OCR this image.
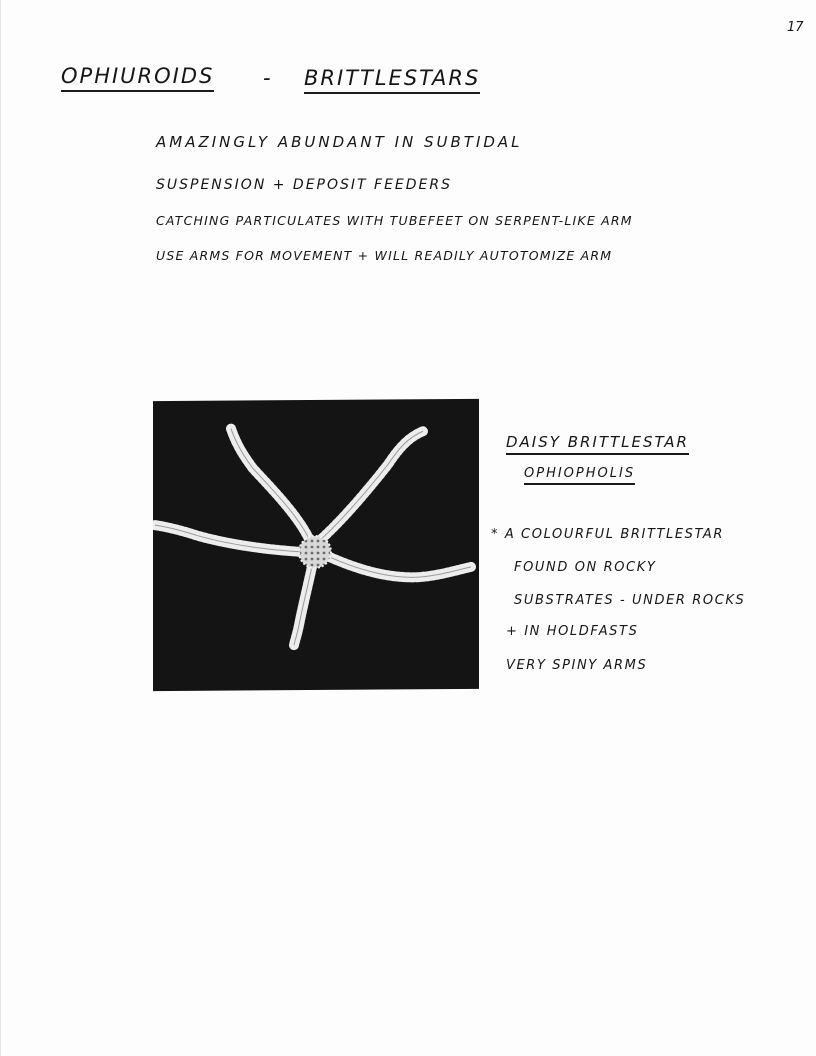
17
OPHIUROIDS - BRITTLESTARS
AMAZINGLY ABUNDANT IN SUBTIDAL
SUSPENSION + DEPOSIT FEEDERS
CATCHING PARTICULATES WITH TUBEFEET ON SERPENT-LIKE ARM
USE ARMS FOR MOVEMENT + WILL READILY AUTOTOMIZE ARM
DAISY BRITTLESTAR
OPHIOPHOLIS
* A COLOURFUL BRITTLESTAR
FOUND ON ROCKY
SUBSTRATES - UNDER ROCKS
+ IN HOLDFASTS
VERY SPINY ARMS
